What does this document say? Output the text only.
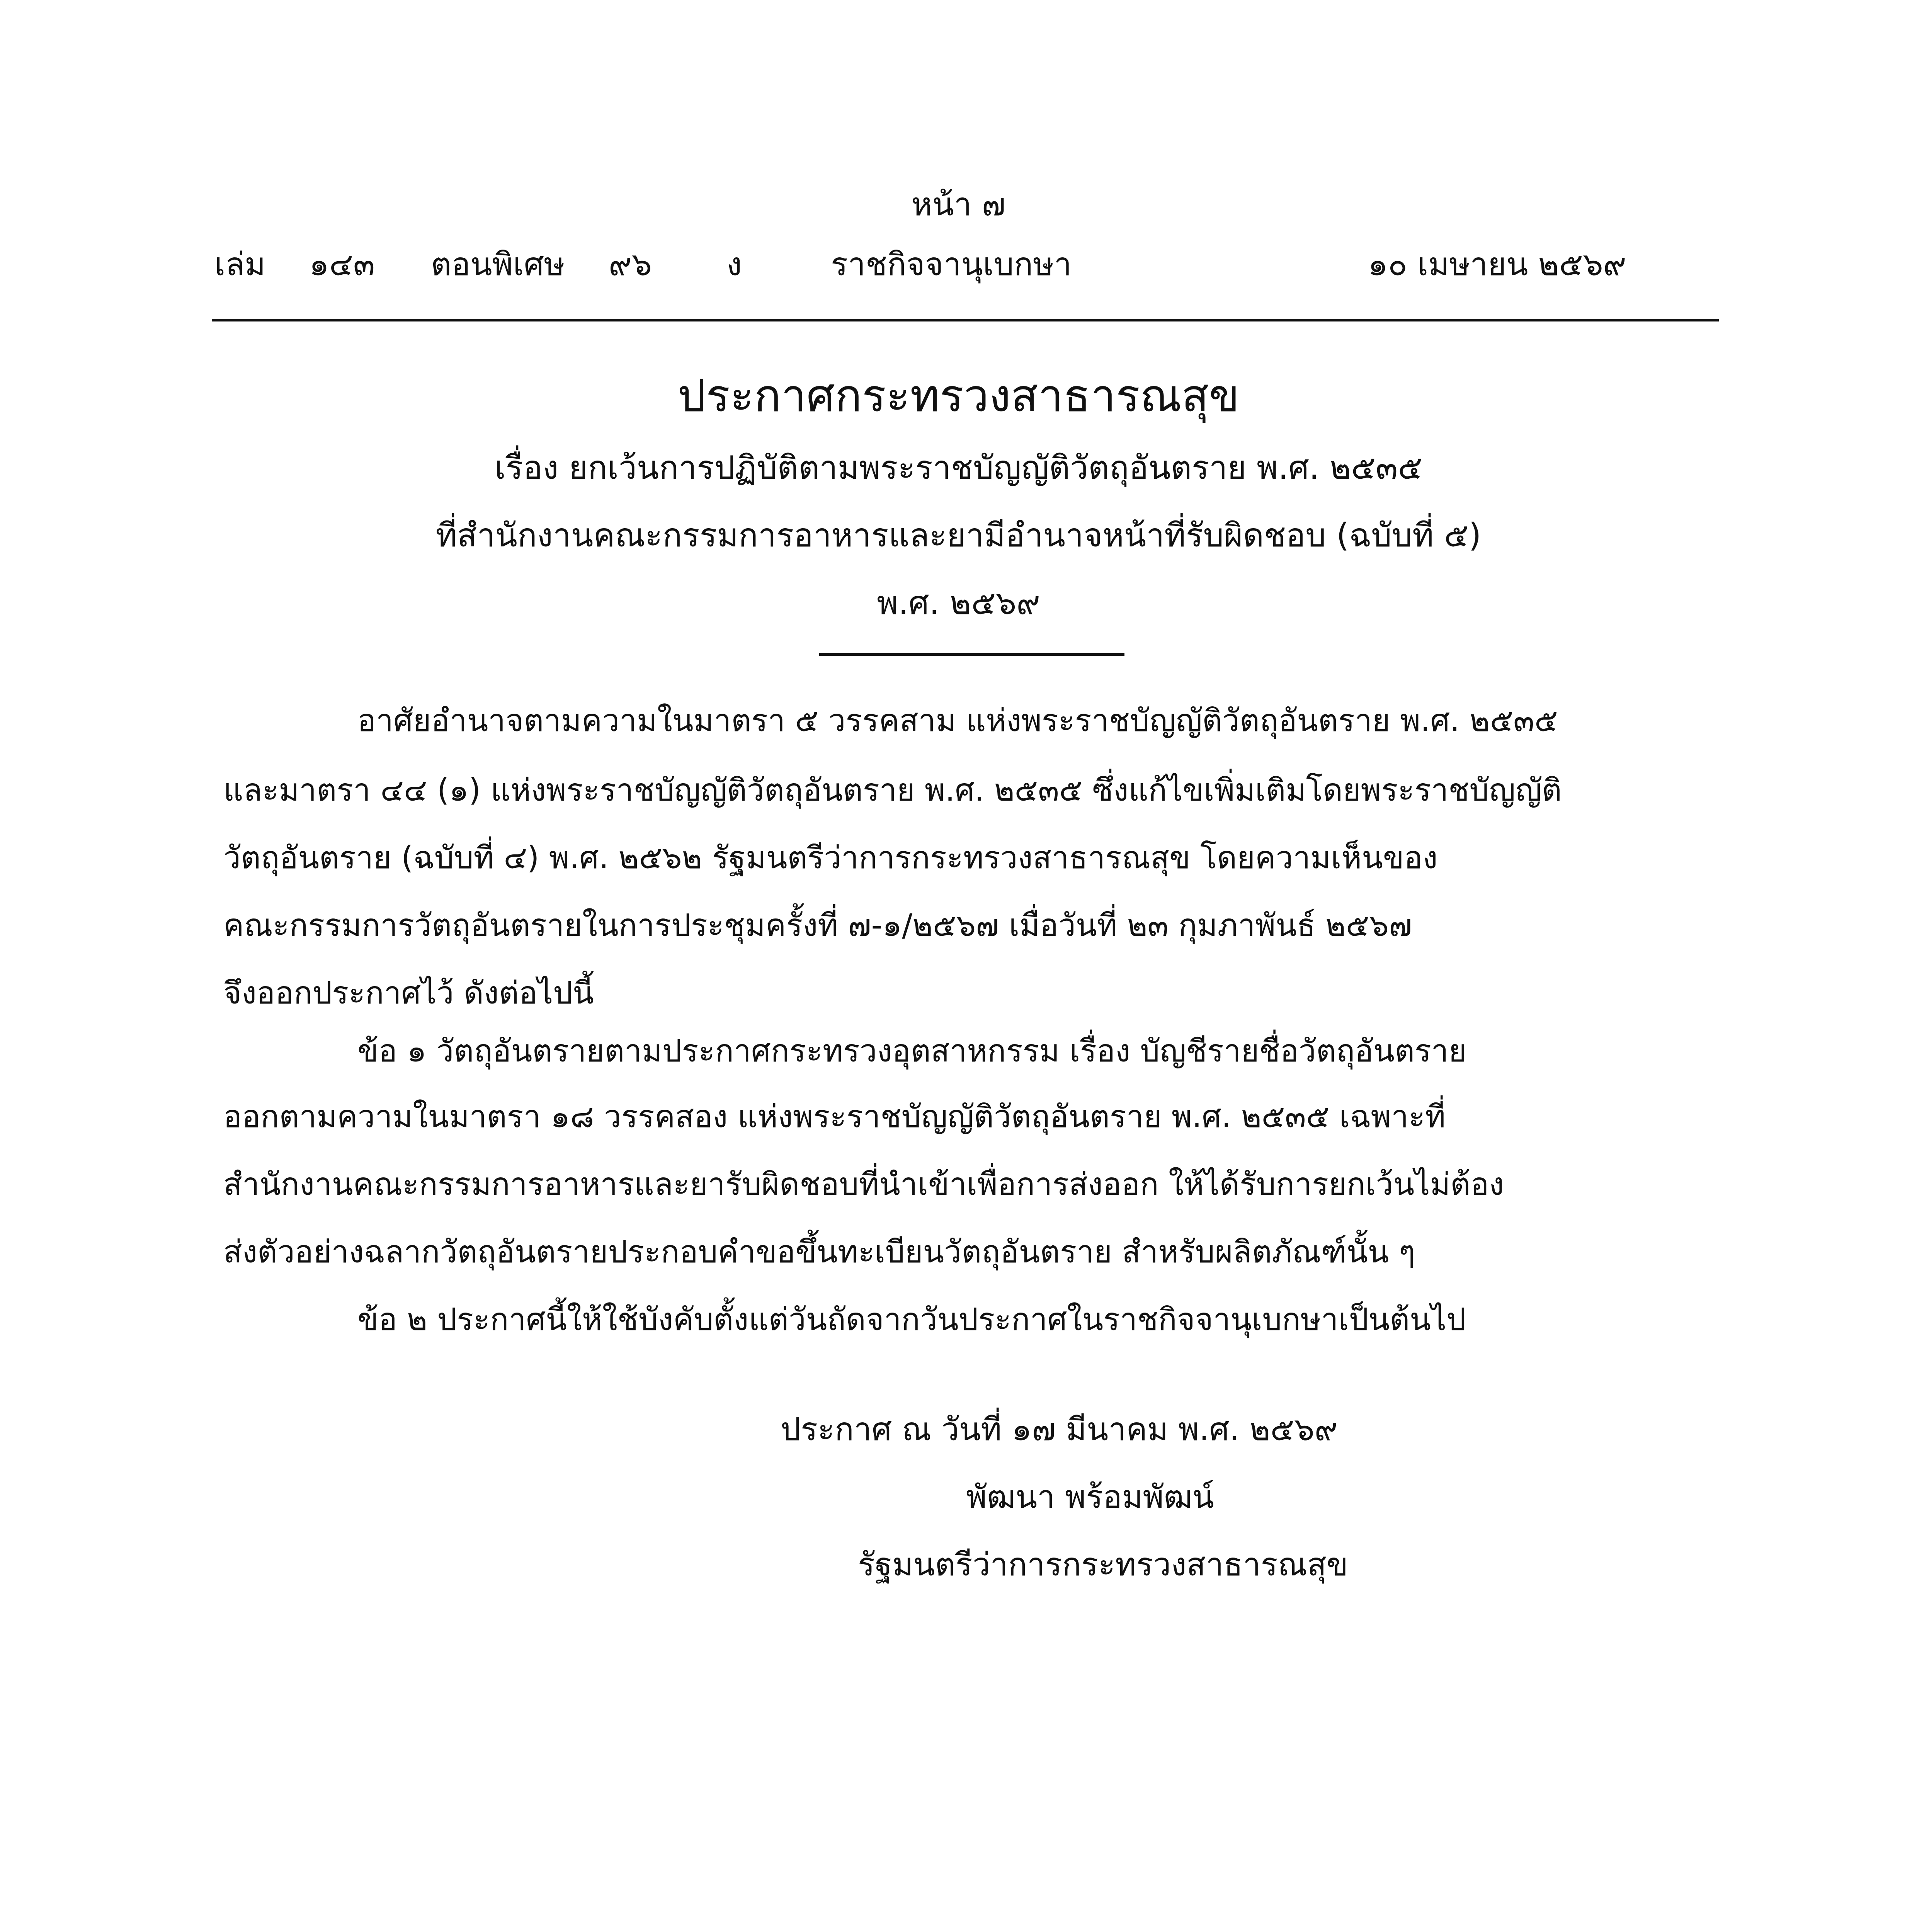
หน้า ๗
เล่ม ๑๔๓ ตอนพิเศษ ๙๖ ง	ราชกิจจานุเบกษา	๑๐ เมษายน ๒๕๖๙
ประกาศกระทรวงสาธารณสุข
เรื่อง ยกเว้นการปฏิบัติตามพระราชบัญญัติวัตถุอันตราย พ.ศ. ๒๕๓๕
ที่สำนักงานคณะกรรมการอาหารและยามีอำนาจหน้าที่รับผิดชอบ (ฉบับที่ ๕)
พ.ศ. ๒๕๖๙
อาศัยอำนาจตามความในมาตรา ๕ วรรคสาม แห่งพระราชบัญญัติวัตถุอันตราย พ.ศ. ๒๕๓๕
และมาตรา ๔๔ (๑) แห่งพระราชบัญญัติวัตถุอันตราย พ.ศ. ๒๕๓๕ ซึ่งแก้ไขเพิ่มเติมโดยพระราชบัญญัติ
วัตถุอันตราย (ฉบับที่ ๔) พ.ศ. ๒๕๖๒ รัฐมนตรีว่าการกระทรวงสาธารณสุข โดยความเห็นของ
คณะกรรมการวัตถุอันตรายในการประชุมครั้งที่ ๗-๑/๒๕๖๗ เมื่อวันที่ ๒๓ กุมภาพันธ์ ๒๕๖๗
จึงออกประกาศไว้ ดังต่อไปนี้
ข้อ ๑ วัตถุอันตรายตามประกาศกระทรวงอุตสาหกรรม เรื่อง บัญชีรายชื่อวัตถุอันตราย
ออกตามความในมาตรา ๑๘ วรรคสอง แห่งพระราชบัญญัติวัตถุอันตราย พ.ศ. ๒๕๓๕ เฉพาะที่
สำนักงานคณะกรรมการอาหารและยารับผิดชอบที่นำเข้าเพื่อการส่งออก ให้ได้รับการยกเว้นไม่ต้อง
ส่งตัวอย่างฉลากวัตถุอันตรายประกอบคำขอขึ้นทะเบียนวัตถุอันตราย สำหรับผลิตภัณฑ์นั้น ๆ
ข้อ ๒ ประกาศนี้ให้ใช้บังคับตั้งแต่วันถัดจากวันประกาศในราชกิจจานุเบกษาเป็นต้นไป
ประกาศ ณ วันที่ ๑๗ มีนาคม พ.ศ. ๒๕๖๙
พัฒนา พร้อมพัฒน์
รัฐมนตรีว่าการกระทรวงสาธารณสุข
